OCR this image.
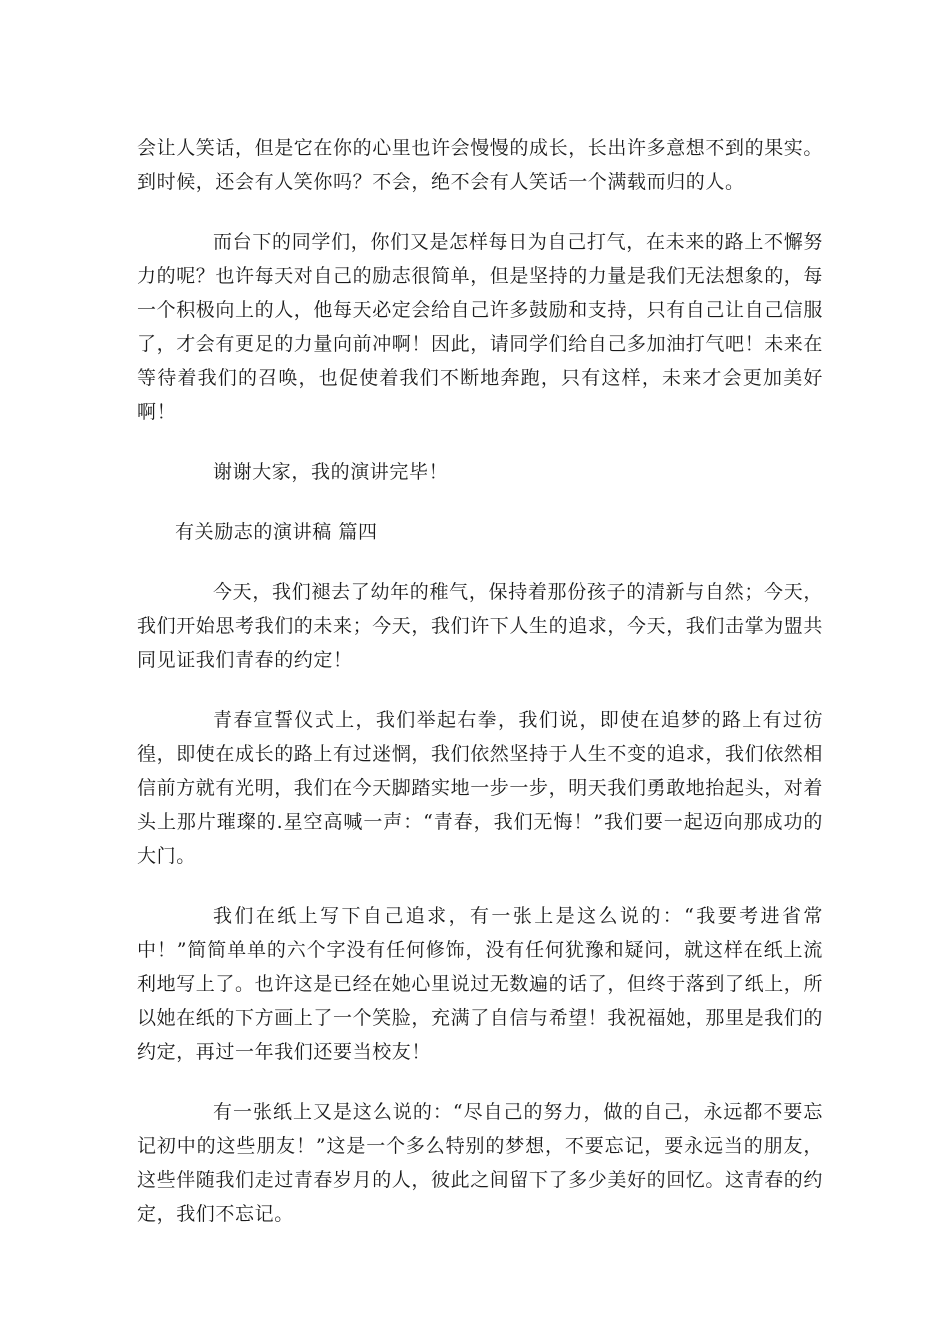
会让人笑话，但是它在你的心里也许会慢慢的成长，长出许多意想不到的果实。到时候，还会有人笑你吗？不会，绝不会有人笑话一个满载而归的人。

而台下的同学们，你们又是怎样每日为自己打气，在未来的路上不懈努力的呢？也许每天对自己的励志很简单，但是坚持的力量是我们无法想象的，每一个积极向上的人，他每天必定会给自己许多鼓励和支持，只有自己让自己信服了，才会有更足的力量向前冲啊！因此，请同学们给自己多加油打气吧！未来在等待着我们的召唤，也促使着我们不断地奔跑，只有这样，未来才会更加美好啊！

谢谢大家，我的演讲完毕！

有关励志的演讲稿 篇四

今天，我们褪去了幼年的稚气，保持着那份孩子的清新与自然；今天，我们开始思考我们的未来；今天，我们许下人生的追求，今天，我们击掌为盟共同见证我们青春的约定！

青春宣誓仪式上，我们举起右拳，我们说，即使在追梦的路上有过彷徨，即使在成长的路上有过迷惘，我们依然坚持于人生不变的追求，我们依然相信前方就有光明，我们在今天脚踏实地一步一步，明天我们勇敢地抬起头，对着头上那片璀璨的.星空高喊一声：“青春，我们无悔！”我们要一起迈向那成功的大门。

我们在纸上写下自己追求，有一张上是这么说的：“我要考进省常中！”简简单单的六个字没有任何修饰，没有任何犹豫和疑问，就这样在纸上流利地写上了。也许这是已经在她心里说过无数遍的话了，但终于落到了纸上，所以她在纸的下方画上了一个笑脸，充满了自信与希望！我祝福她，那里是我们的约定，再过一年我们还要当校友！

有一张纸上又是这么说的：“尽自己的努力，做的自己，永远都不要忘记初中的这些朋友！”这是一个多么特别的梦想，不要忘记，要永远当的朋友，这些伴随我们走过青春岁月的人，彼此之间留下了多少美好的回忆。这青春的约定，我们不忘记。
